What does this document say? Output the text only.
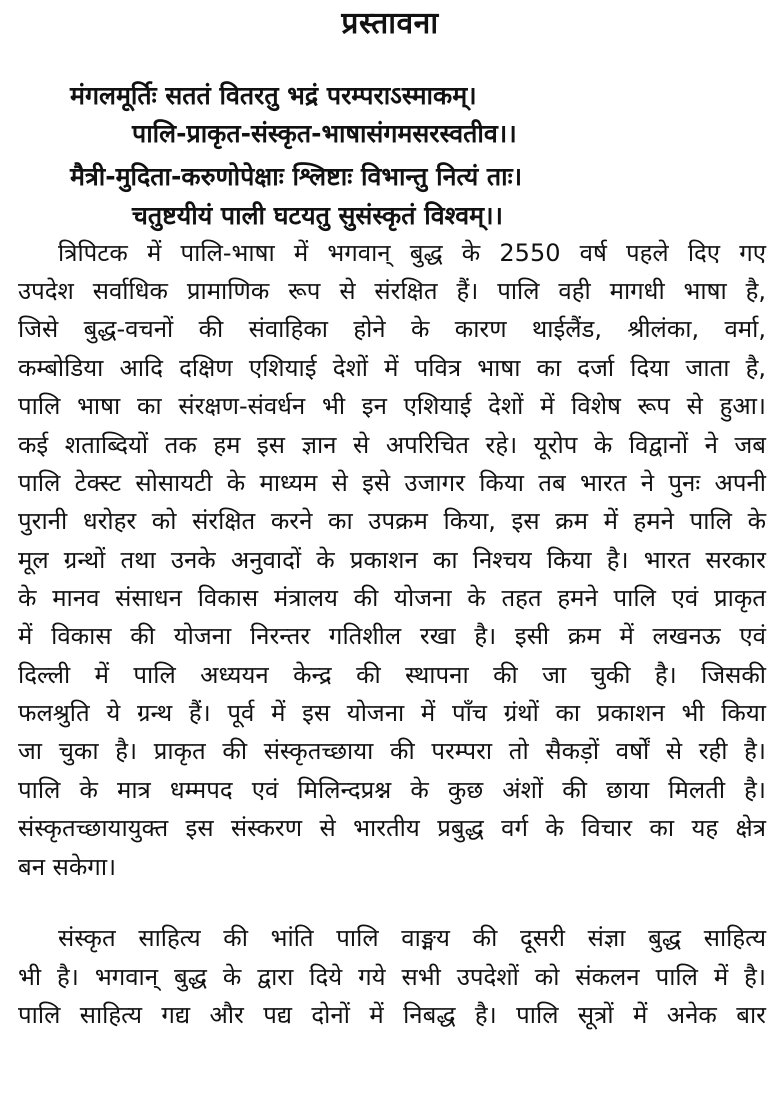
प्रस्तावना
मंगलमूर्तिः सततं वितरतु भद्रं परम्पराऽस्माकम्।
पालि-प्राकृत-संस्कृत-भाषासंगमसरस्वतीव।।
मैत्री-मुदिता-करुणोपेक्षाः श्लिष्टाः विभान्तु नित्यं ताः।
चतुष्टयीयं पाली घटयतु सुसंस्कृतं विश्वम्।।
त्रिपिटक में पालि-भाषा में भगवान् बुद्ध के 2550 वर्ष पहले दिए गए
उपदेश सर्वाधिक प्रामाणिक रूप से संरक्षित हैं। पालि वही मागधी भाषा है,
जिसे बुद्ध-वचनों की संवाहिका होने के कारण थाईलैंड, श्रीलंका, वर्मा,
कम्बोडिया आदि दक्षिण एशियाई देशों में पवित्र भाषा का दर्जा दिया जाता है,
पालि भाषा का संरक्षण-संवर्धन भी इन एशियाई देशों में विशेष रूप से हुआ।
कई शताब्दियों तक हम इस ज्ञान से अपरिचित रहे। यूरोप के विद्वानों ने जब
पालि टेक्स्ट सोसायटी के माध्यम से इसे उजागर किया तब भारत ने पुनः अपनी
पुरानी धरोहर को संरक्षित करने का उपक्रम किया, इस क्रम में हमने पालि के
मूल ग्रन्थों तथा उनके अनुवादों के प्रकाशन का निश्चय किया है। भारत सरकार
के मानव संसाधन विकास मंत्रालय की योजना के तहत हमने पालि एवं प्राकृत
में विकास की योजना निरन्तर गतिशील रखा है। इसी क्रम में लखनऊ एवं
दिल्ली में पालि अध्ययन केन्द्र की स्थापना की जा चुकी है। जिसकी
फलश्रुति ये ग्रन्थ हैं। पूर्व में इस योजना में पाँच ग्रंथों का प्रकाशन भी किया
जा चुका है। प्राकृत की संस्कृतच्छाया की परम्परा तो सैकड़ों वर्षों से रही है।
पालि के मात्र धम्मपद एवं मिलिन्दप्रश्न के कुछ अंशों की छाया मिलती है।
संस्कृतच्छायायुक्त इस संस्करण से भारतीय प्रबुद्ध वर्ग के विचार का यह क्षेत्र
बन सकेगा।
संस्कृत साहित्य की भांति पालि वाङ्मय की दूसरी संज्ञा बुद्ध साहित्य
भी है। भगवान् बुद्ध के द्वारा दिये गये सभी उपदेशों को संकलन पालि में है।
पालि साहित्य गद्य और पद्य दोनों में निबद्ध है। पालि सूत्रों में अनेक बार
